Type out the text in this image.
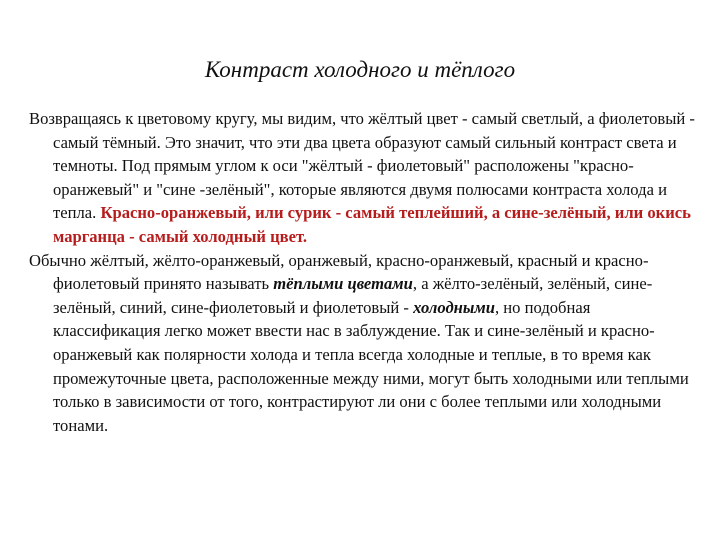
Контраст холодного и тёплого

Возвращаясь к цветовому кругу, мы видим, что жёлтый цвет - самый светлый, а фиолетовый - самый тёмный. Это значит, что эти два цвета образуют самый сильный контраст света и темноты. Под прямым углом к оси "жёлтый - фиолетовый" расположены "красно-оранжевый" и "сине -зелёный", которые являются двумя полюсами контраста холода и тепла. Красно-оранжевый, или сурик - самый теплейший, а сине-зелёный, или окись марганца - самый холодный цвет.

Обычно жёлтый, жёлто-оранжевый, оранжевый, красно-оранжевый, красный и красно-фиолетовый принято называть тёплыми цветами, а жёлто-зелёный, зелёный, сине-зелёный, синий, сине-фиолетовый и фиолетовый - холодными, но подобная классификация легко может ввести нас в заблуждение. Так и сине-зелёный и красно-оранжевый как полярности холода и тепла всегда холодные и теплые, в то время как промежуточные цвета, расположенные между ними, могут быть холодными или теплыми только в зависимости от того, контрастируют ли они с более теплыми или холодными тонами.
